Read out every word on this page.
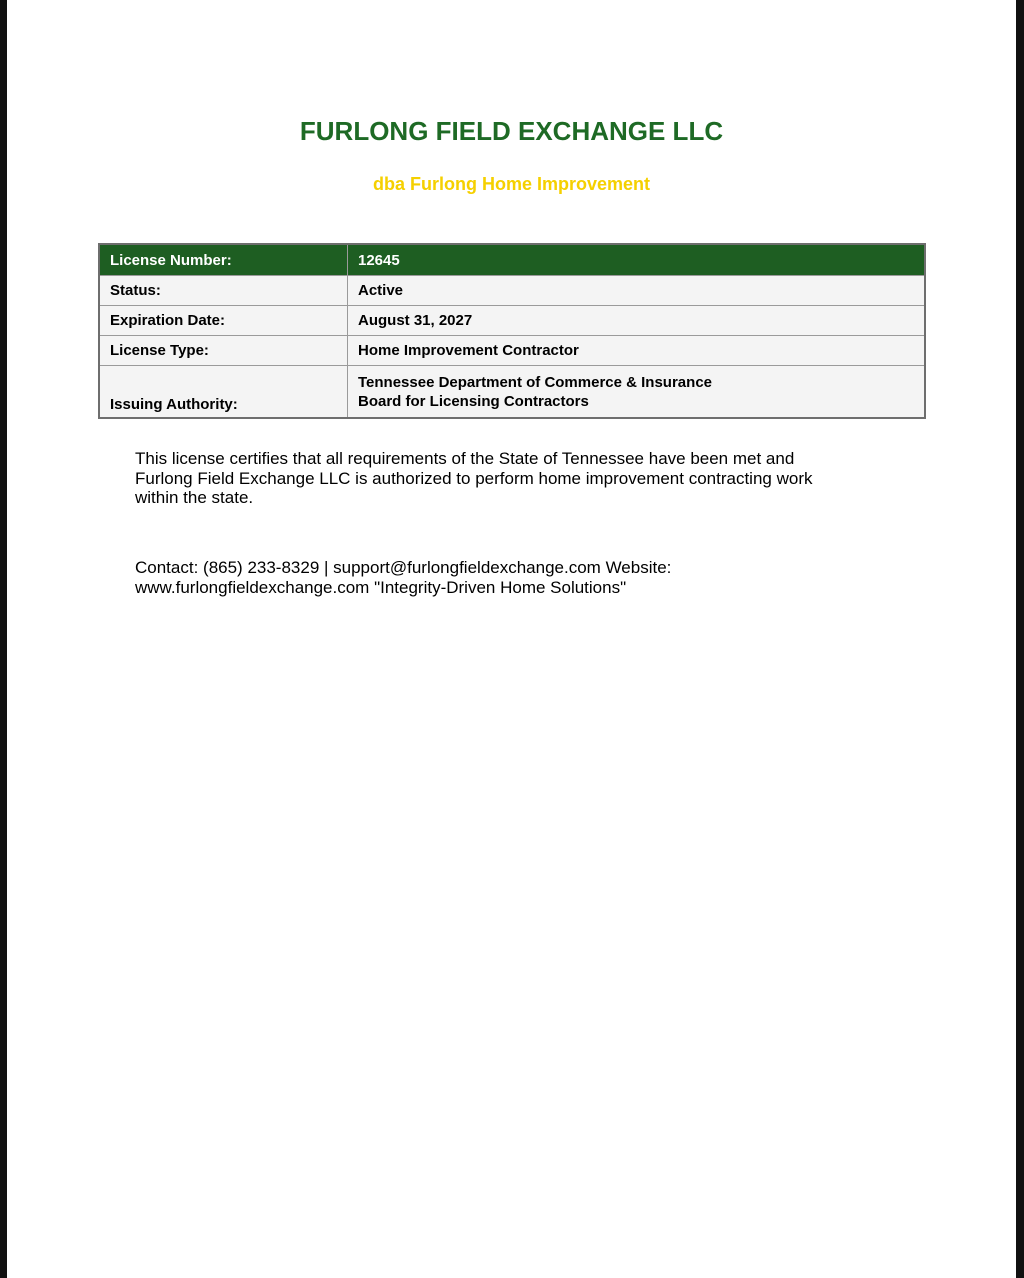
FURLONG FIELD EXCHANGE LLC

dba Furlong Home Improvement

License Number:	12645
Status:	Active
Expiration Date:	August 31, 2027
License Type:	Home Improvement Contractor
Issuing Authority:	Tennessee Department of Commerce & Insurance
Board for Licensing Contractors
This license certifies that all requirements of the State of Tennessee have been met and
Furlong Field Exchange LLC is authorized to perform home improvement contracting work
within the state.
Contact: (865) 233-8329 | support@furlongfieldexchange.com Website:
www.furlongfieldexchange.com "Integrity-Driven Home Solutions"
